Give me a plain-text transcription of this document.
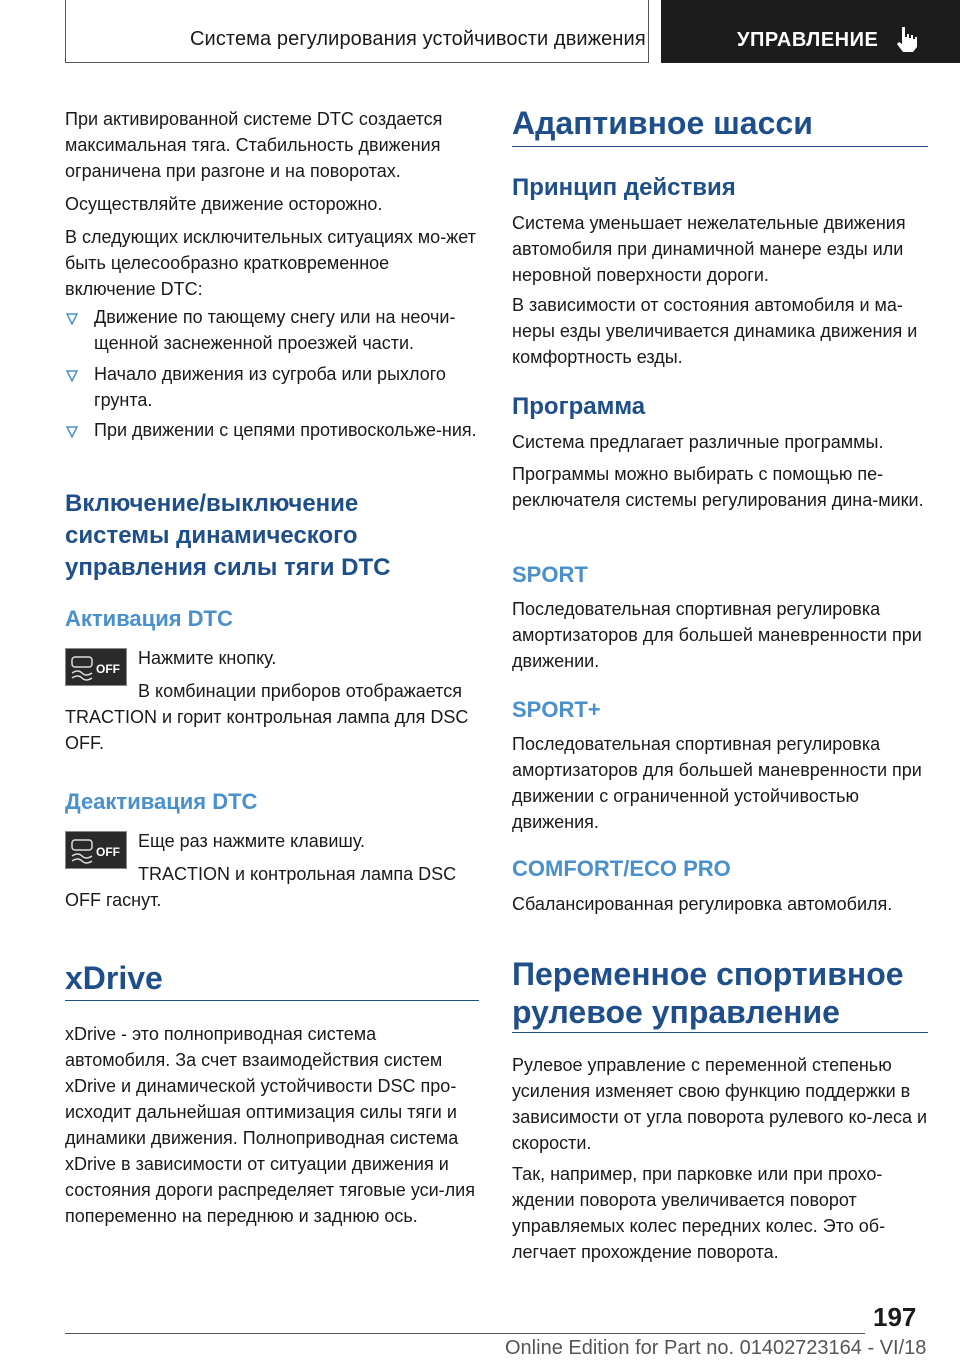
Система регулирования устойчивости движения	УПРАВЛЕНИЕ

При активированной системе DTC создается максимальная тяга. Стабильность движения ограничена при разгоне и на поворотах.

Осуществляйте движение осторожно.

В следующих исключительных ситуациях мо-жет быть целесообразно кратковременное включение DTC:

Движение по тающему снегу или на неочи-щенной заснеженной проезжей части.

Начало движения из сугроба или рыхлого грунта.

При движении с цепями противоскольже-ния.

Включение/выключение системы динамического управления силы тяги DTC
Активация DTC
OFF

Нажмите кнопку.

В комбинации приборов отображается TRACTION и горит контрольная лампа для DSC OFF.

Деактивация DTC
OFF

Еще раз нажмите клавишу.

TRACTION и контрольная лампа DSC OFF гаснут.

xDrive

xDrive - это полноприводная система автомобиля. За счет взаимодействия систем xDrive и динамической устойчивости DSC про-исходит дальнейшая оптимизация силы тяги и динамики движения. Полноприводная система xDrive в зависимости от ситуации движения и состояния дороги распределяет тяговые уси-лия попеременно на переднюю и заднюю ось.

Адаптивное шасси
Принцип действия

Система уменьшает нежелательные движения автомобиля при динамичной манере езды или неровной поверхности дороги.

В зависимости от состояния автомобиля и ма-неры езды увеличивается динамика движения и комфортность езды.

Программа

Система предлагает различные программы.

Программы можно выбирать с помощью пе-реключателя системы регулирования дина-мики.

SPORT

Последовательная спортивная регулировка амортизаторов для большей маневренности при движении.

SPORT+

Последовательная спортивная регулировка амортизаторов для большей маневренности при движении с ограниченной устойчивостью движения.

COMFORT/ECO PRO

Сбалансированная регулировка автомобиля.

Переменное спортивное рулевое управление

Рулевое управление с переменной степенью усиления изменяет свою функцию поддержки в зависимости от угла поворота рулевого ко-леса и скорости.

Так, например, при парковке или при прохо-ждении поворота увеличивается поворот управляемых колес передних колес. Это об-легчает прохождение поворота.

197
Online Edition for Part no. 01402723164 - VI/18
